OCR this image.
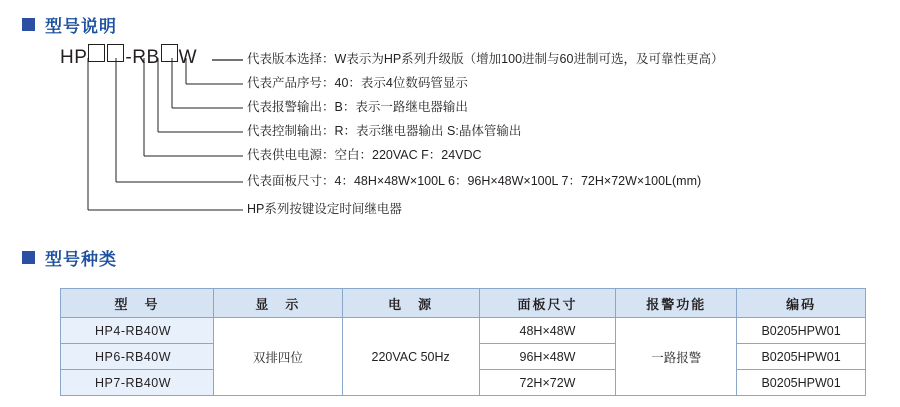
型号说明
HP -RB W	代表版本选择：W表示为HP系列升级版（增加100进制与60进制可选，及可靠性更高）
代表产品序号：40：表示4位数码管显示
代表报警输出：B：表示一路继电器输出
代表控制输出：R：表示继电器输出 S:晶体管输出
代表供电电源：空白：220VAC F：24VDC
代表面板尺寸：4：48H×48W×100L 6：96H×48W×100L 7：72H×72W×100L(mm)
HP系列按键设定时间继电器
型号种类
型　号	显　示	电　源	面板尺寸	报警功能	编码
HP4-RB40W	双排四位	220VAC 50Hz	48H×48W	一路报警	B0205HPW01
HP6-RB40W			96H×48W		B0205HPW01
HP7-RB40W			72H×72W		B0205HPW01
